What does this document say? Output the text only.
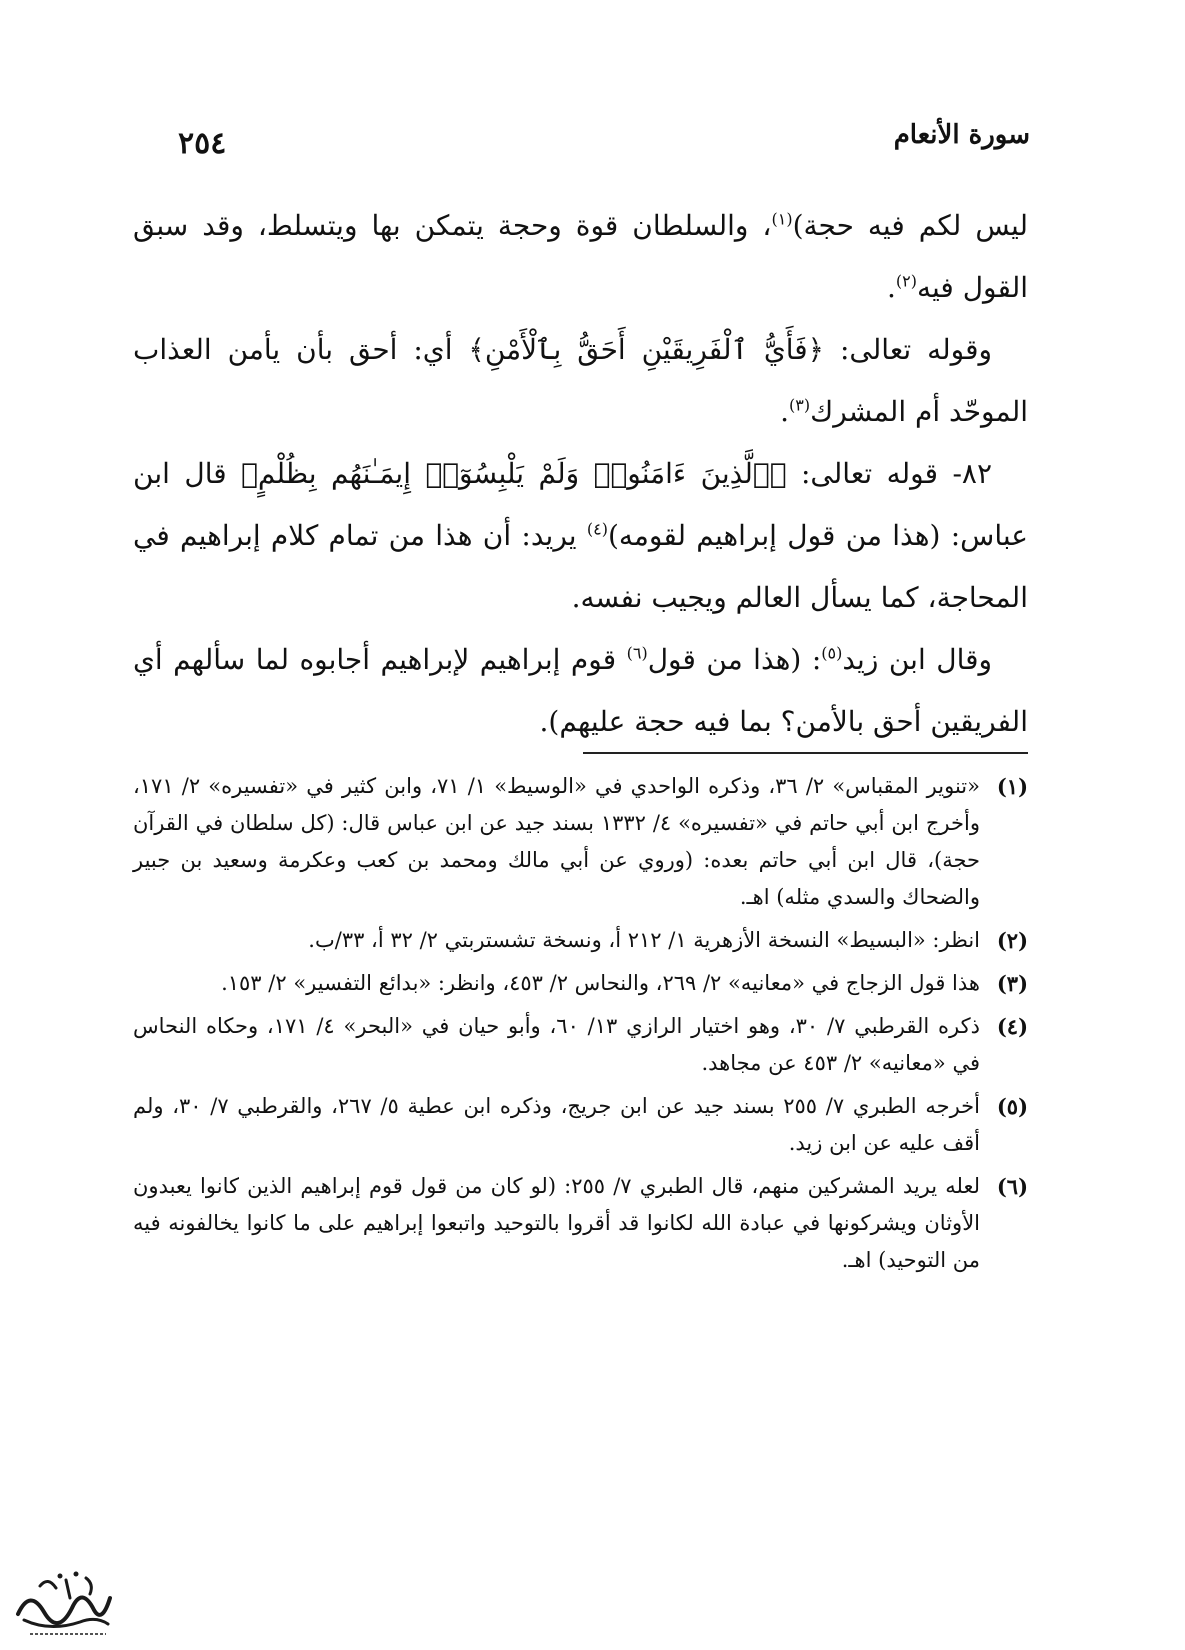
سورة الأنعام
٢٥٤

ليس لكم فيه حجة)$^{(١)}$، والسلطان قوة وحجة يتمكن بها ويتسلط، وقد سبق القول فيه$^{(٢)}$.

وقوله تعالى: ﴿فَأَيُّ ٱلْفَرِيقَيْنِ أَحَقُّ بِٱلْأَمْنِ﴾ أي: أحق بأن يأمن العذاب الموحّد أم المشرك$^{(٣)}$.

٨٢- قوله تعالى: ﴿ٱلَّذِينَ ءَامَنُوا۟ وَلَمْ يَلْبِسُوٓا۟ إِيمَـٰنَهُم بِظُلْمٍ﴾ قال ابن عباس: (هذا من قول إبراهيم لقومه)$^{(٤)}$ يريد: أن هذا من تمام كلام إبراهيم في المحاجة، كما يسأل العالم ويجيب نفسه.

وقال ابن زيد$^{(٥)}$: (هذا من قول$^{(٦)}$ قوم إبراهيم لإبراهيم أجابوه لما سألهم أي الفريقين أحق بالأمن؟ بما فيه حجة عليهم).

(١)
«تنوير المقباس» ٢/ ٣٦، وذكره الواحدي في «الوسيط» ١/ ٧١، وابن كثير في «تفسيره» ٢/ ١٧١، وأخرج ابن أبي حاتم في «تفسيره» ٤/ ١٣٣٢ بسند جيد عن ابن عباس قال: (كل سلطان في القرآن حجة)، قال ابن أبي حاتم بعده: (وروي عن أبي مالك ومحمد بن كعب وعكرمة وسعيد بن جبير والضحاك والسدي مثله) اهـ.
(٢)
انظر: «البسيط» النسخة الأزهرية ١/ ٢١٢ أ، ونسخة تشستربتي ٢/ ٣٢ أ، ٣٣/ب.
(٣)
هذا قول الزجاج في «معانيه» ٢/ ٢٦٩، والنحاس ٢/ ٤٥٣، وانظر: «بدائع التفسير» ٢/ ١٥٣.
(٤)
ذكره القرطبي ٧/ ٣٠، وهو اختيار الرازي ١٣/ ٦٠، وأبو حيان في «البحر» ٤/ ١٧١، وحكاه النحاس في «معانيه» ٢/ ٤٥٣ عن مجاهد.
(٥)
أخرجه الطبري ٧/ ٢٥٥ بسند جيد عن ابن جريج، وذكره ابن عطية ٥/ ٢٦٧، والقرطبي ٧/ ٣٠، ولم أقف عليه عن ابن زيد.
(٦)
لعله يريد المشركين منهم، قال الطبري ٧/ ٢٥٥: (لو كان من قول قوم إبراهيم الذين كانوا يعبدون الأوثان ويشركونها في عبادة الله لكانوا قد أقروا بالتوحيد واتبعوا إبراهيم على ما كانوا يخالفونه فيه من التوحيد) اهـ.
